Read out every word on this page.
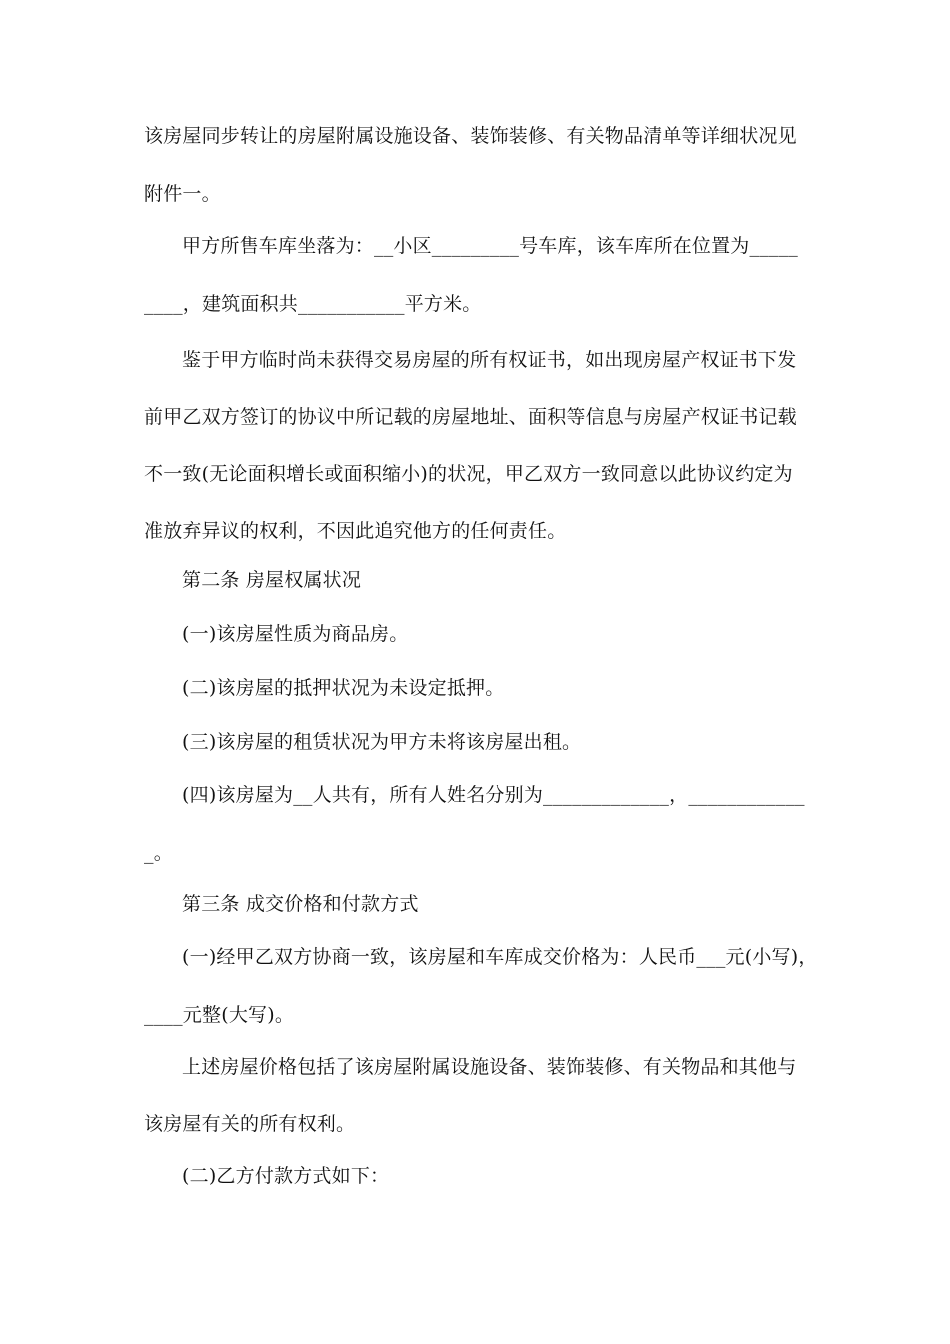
该房屋同步转让的房屋附属设施设备、装饰装修、有关物品清单等详细状况见
附件一。
甲方所售车库坐落为：__小区_________号车库，该车库所在位置为_____
____，建筑面积共___________平方米。
鉴于甲方临时尚未获得交易房屋的所有权证书，如出现房屋产权证书下发
前甲乙双方签订的协议中所记载的房屋地址、面积等信息与房屋产权证书记载
不一致(无论面积增长或面积缩小)的状况，甲乙双方一致同意以此协议约定为
准放弃异议的权利，不因此追究他方的任何责任。
第二条 房屋权属状况
(一)该房屋性质为商品房。
(二)该房屋的抵押状况为未设定抵押。
(三)该房屋的租赁状况为甲方未将该房屋出租。
(四)该房屋为__人共有，所有人姓名分别为_____________，____________
_。
第三条 成交价格和付款方式
(一)经甲乙双方协商一致，该房屋和车库成交价格为：人民币___元(小写)，
____元整(大写)。
上述房屋价格包括了该房屋附属设施设备、装饰装修、有关物品和其他与
该房屋有关的所有权利。
(二)乙方付款方式如下：
